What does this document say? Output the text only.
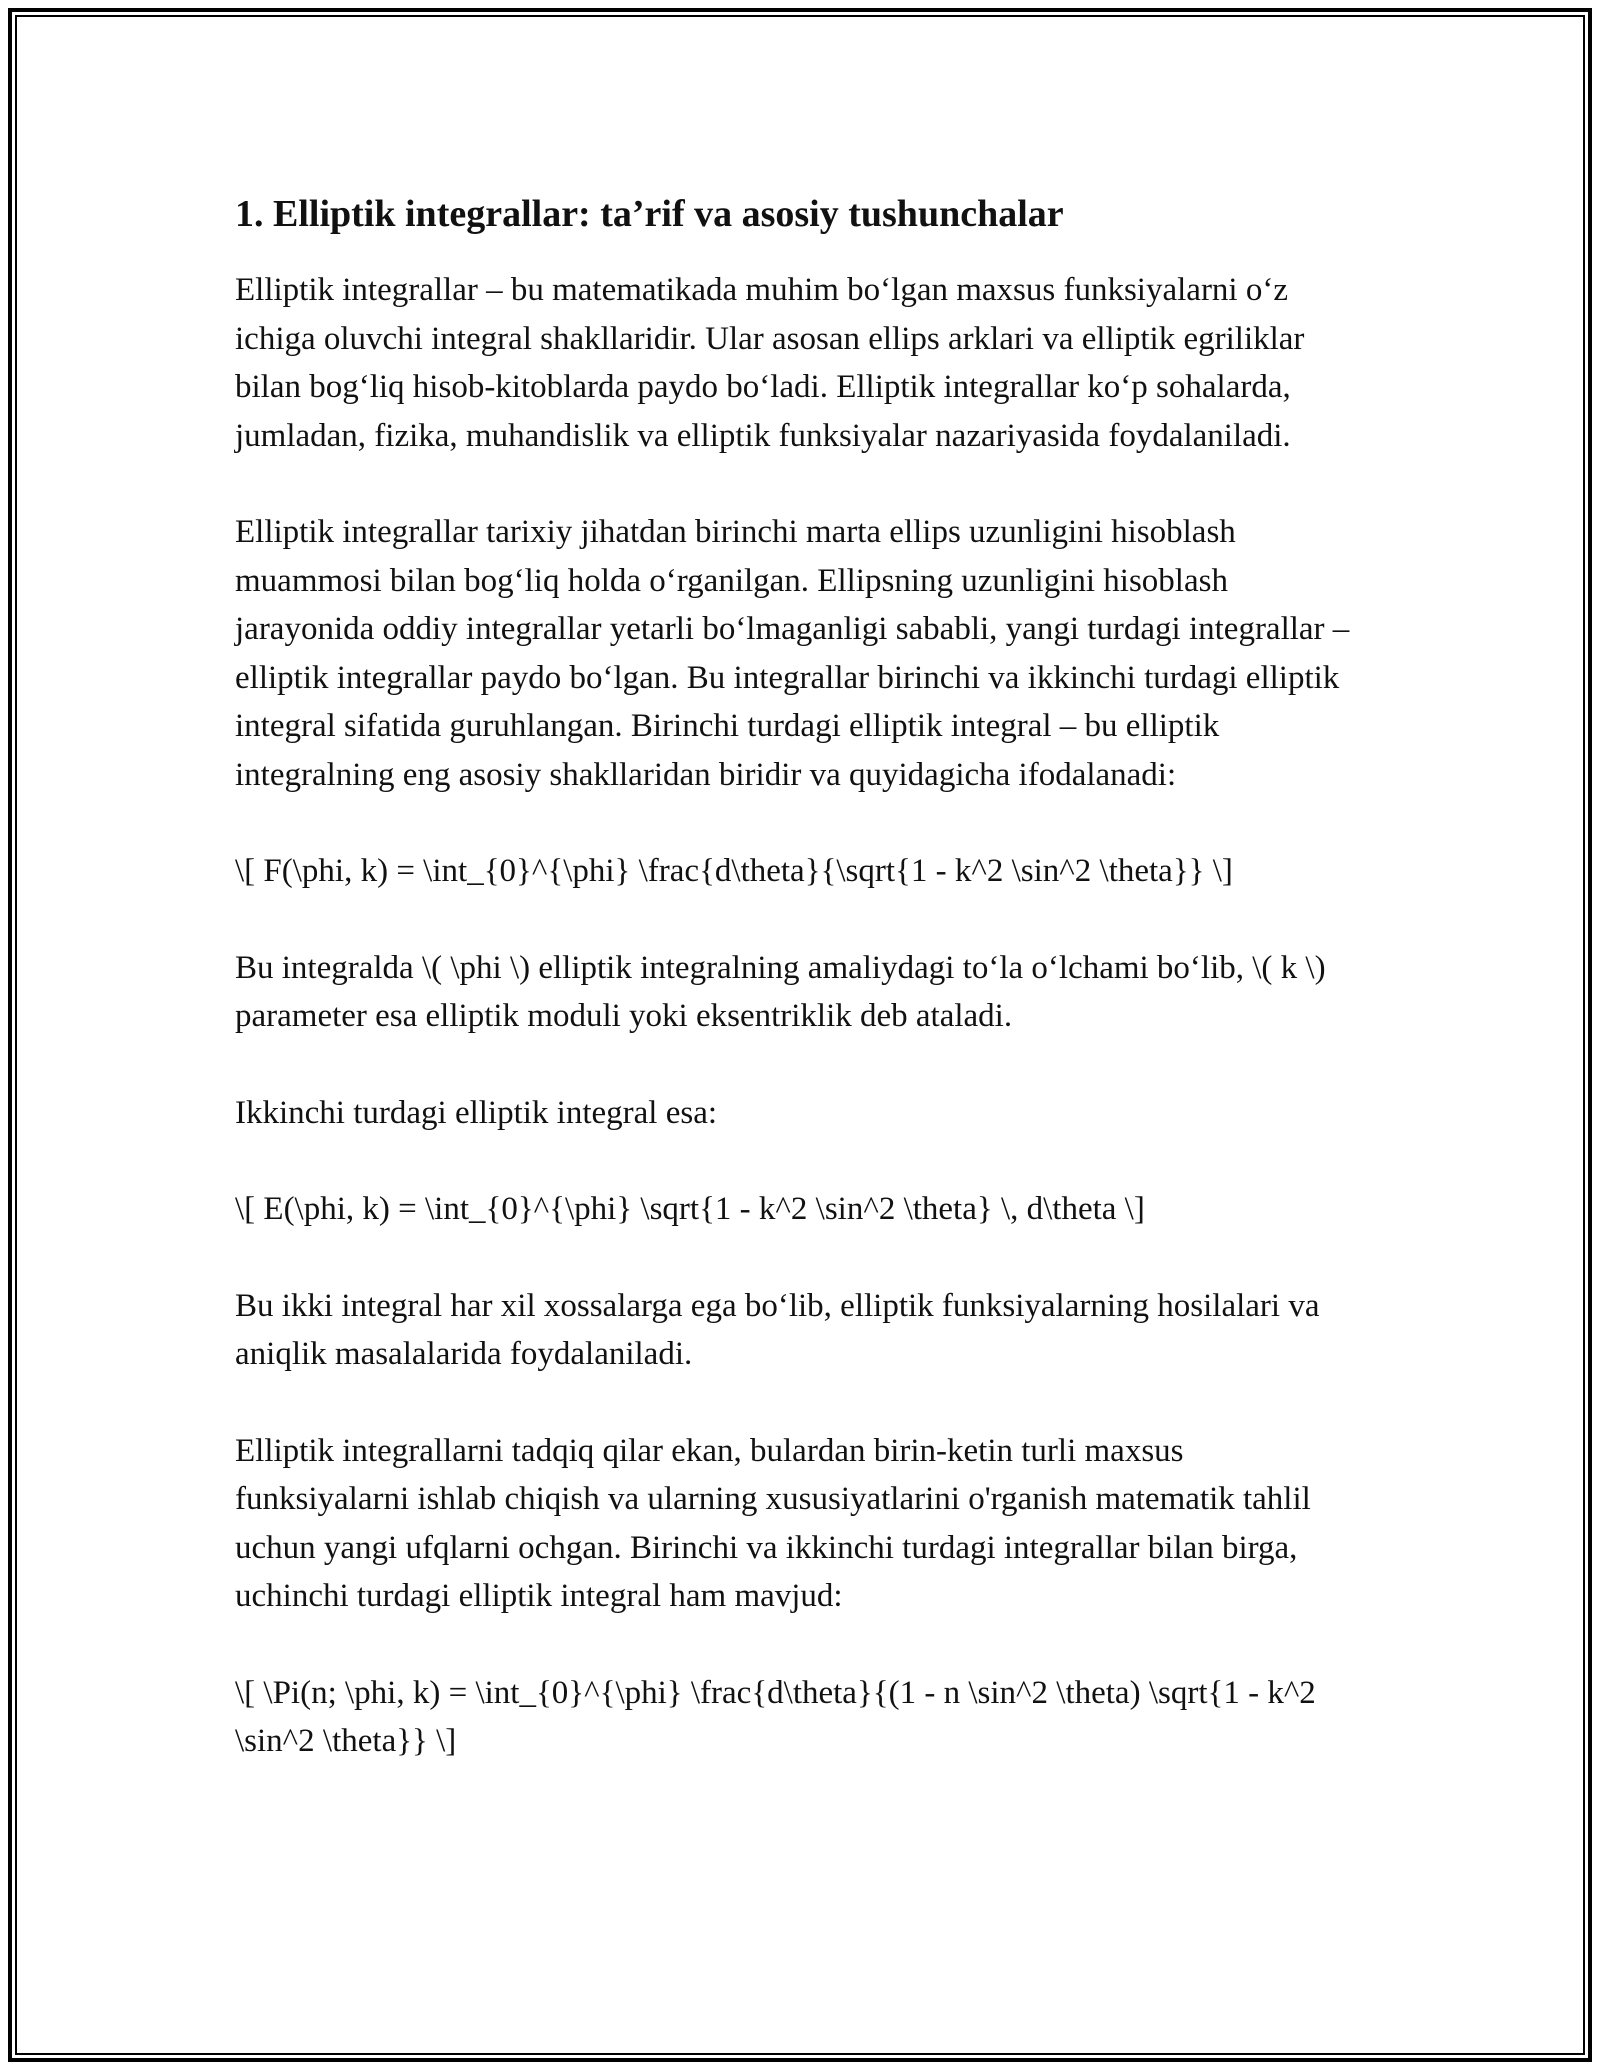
1. Elliptik integrallar: ta’rif va asosiy tushunchalar

Elliptik integrallar – bu matematikada muhim bo‘lgan maxsus funksiyalarni o‘z ichiga oluvchi integral shakllaridir. Ular asosan ellips arklari va elliptik egriliklar bilan bog‘liq hisob-kitoblarda paydo bo‘ladi. Elliptik integrallar ko‘p sohalarda, jumladan, fizika, muhandislik va elliptik funksiyalar nazariyasida foydalaniladi.

Elliptik integrallar tarixiy jihatdan birinchi marta ellips uzunligini hisoblash muammosi bilan bog‘liq holda o‘rganilgan. Ellipsning uzunligini hisoblash jarayonida oddiy integrallar yetarli bo‘lmaganligi sababli, yangi turdagi integrallar – elliptik integrallar paydo bo‘lgan. Bu integrallar birinchi va ikkinchi turdagi elliptik integral sifatida guruhlangan. Birinchi turdagi elliptik integral – bu elliptik integralning eng asosiy shakllaridan biridir va quyidagicha ifodalanadi:

\[ F(\phi, k) = \int_{0}^{\phi} \frac{d\theta}{\sqrt{1 - k^2 \sin^2 \theta}} \]

Bu integralda \( \phi \) elliptik integralning amaliydagi to‘la o‘lchami bo‘lib, \( k \) parameter esa elliptik moduli yoki eksentriklik deb ataladi.

Ikkinchi turdagi elliptik integral esa:

\[ E(\phi, k) = \int_{0}^{\phi} \sqrt{1 - k^2 \sin^2 \theta} \, d\theta \]

Bu ikki integral har xil xossalarga ega bo‘lib, elliptik funksiyalarning hosilalari va aniqlik masalalarida foydalaniladi.

Elliptik integrallarni tadqiq qilar ekan, bulardan birin-ketin turli maxsus funksiyalarni ishlab chiqish va ularning xususiyatlarini o'rganish matematik tahlil uchun yangi ufqlarni ochgan. Birinchi va ikkinchi turdagi integrallar bilan birga, uchinchi turdagi elliptik integral ham mavjud:

\[ \Pi(n; \phi, k) = \int_{0}^{\phi} \frac{d\theta}{(1 - n \sin^2 \theta) \sqrt{1 - k^2 \sin^2 \theta}} \]
